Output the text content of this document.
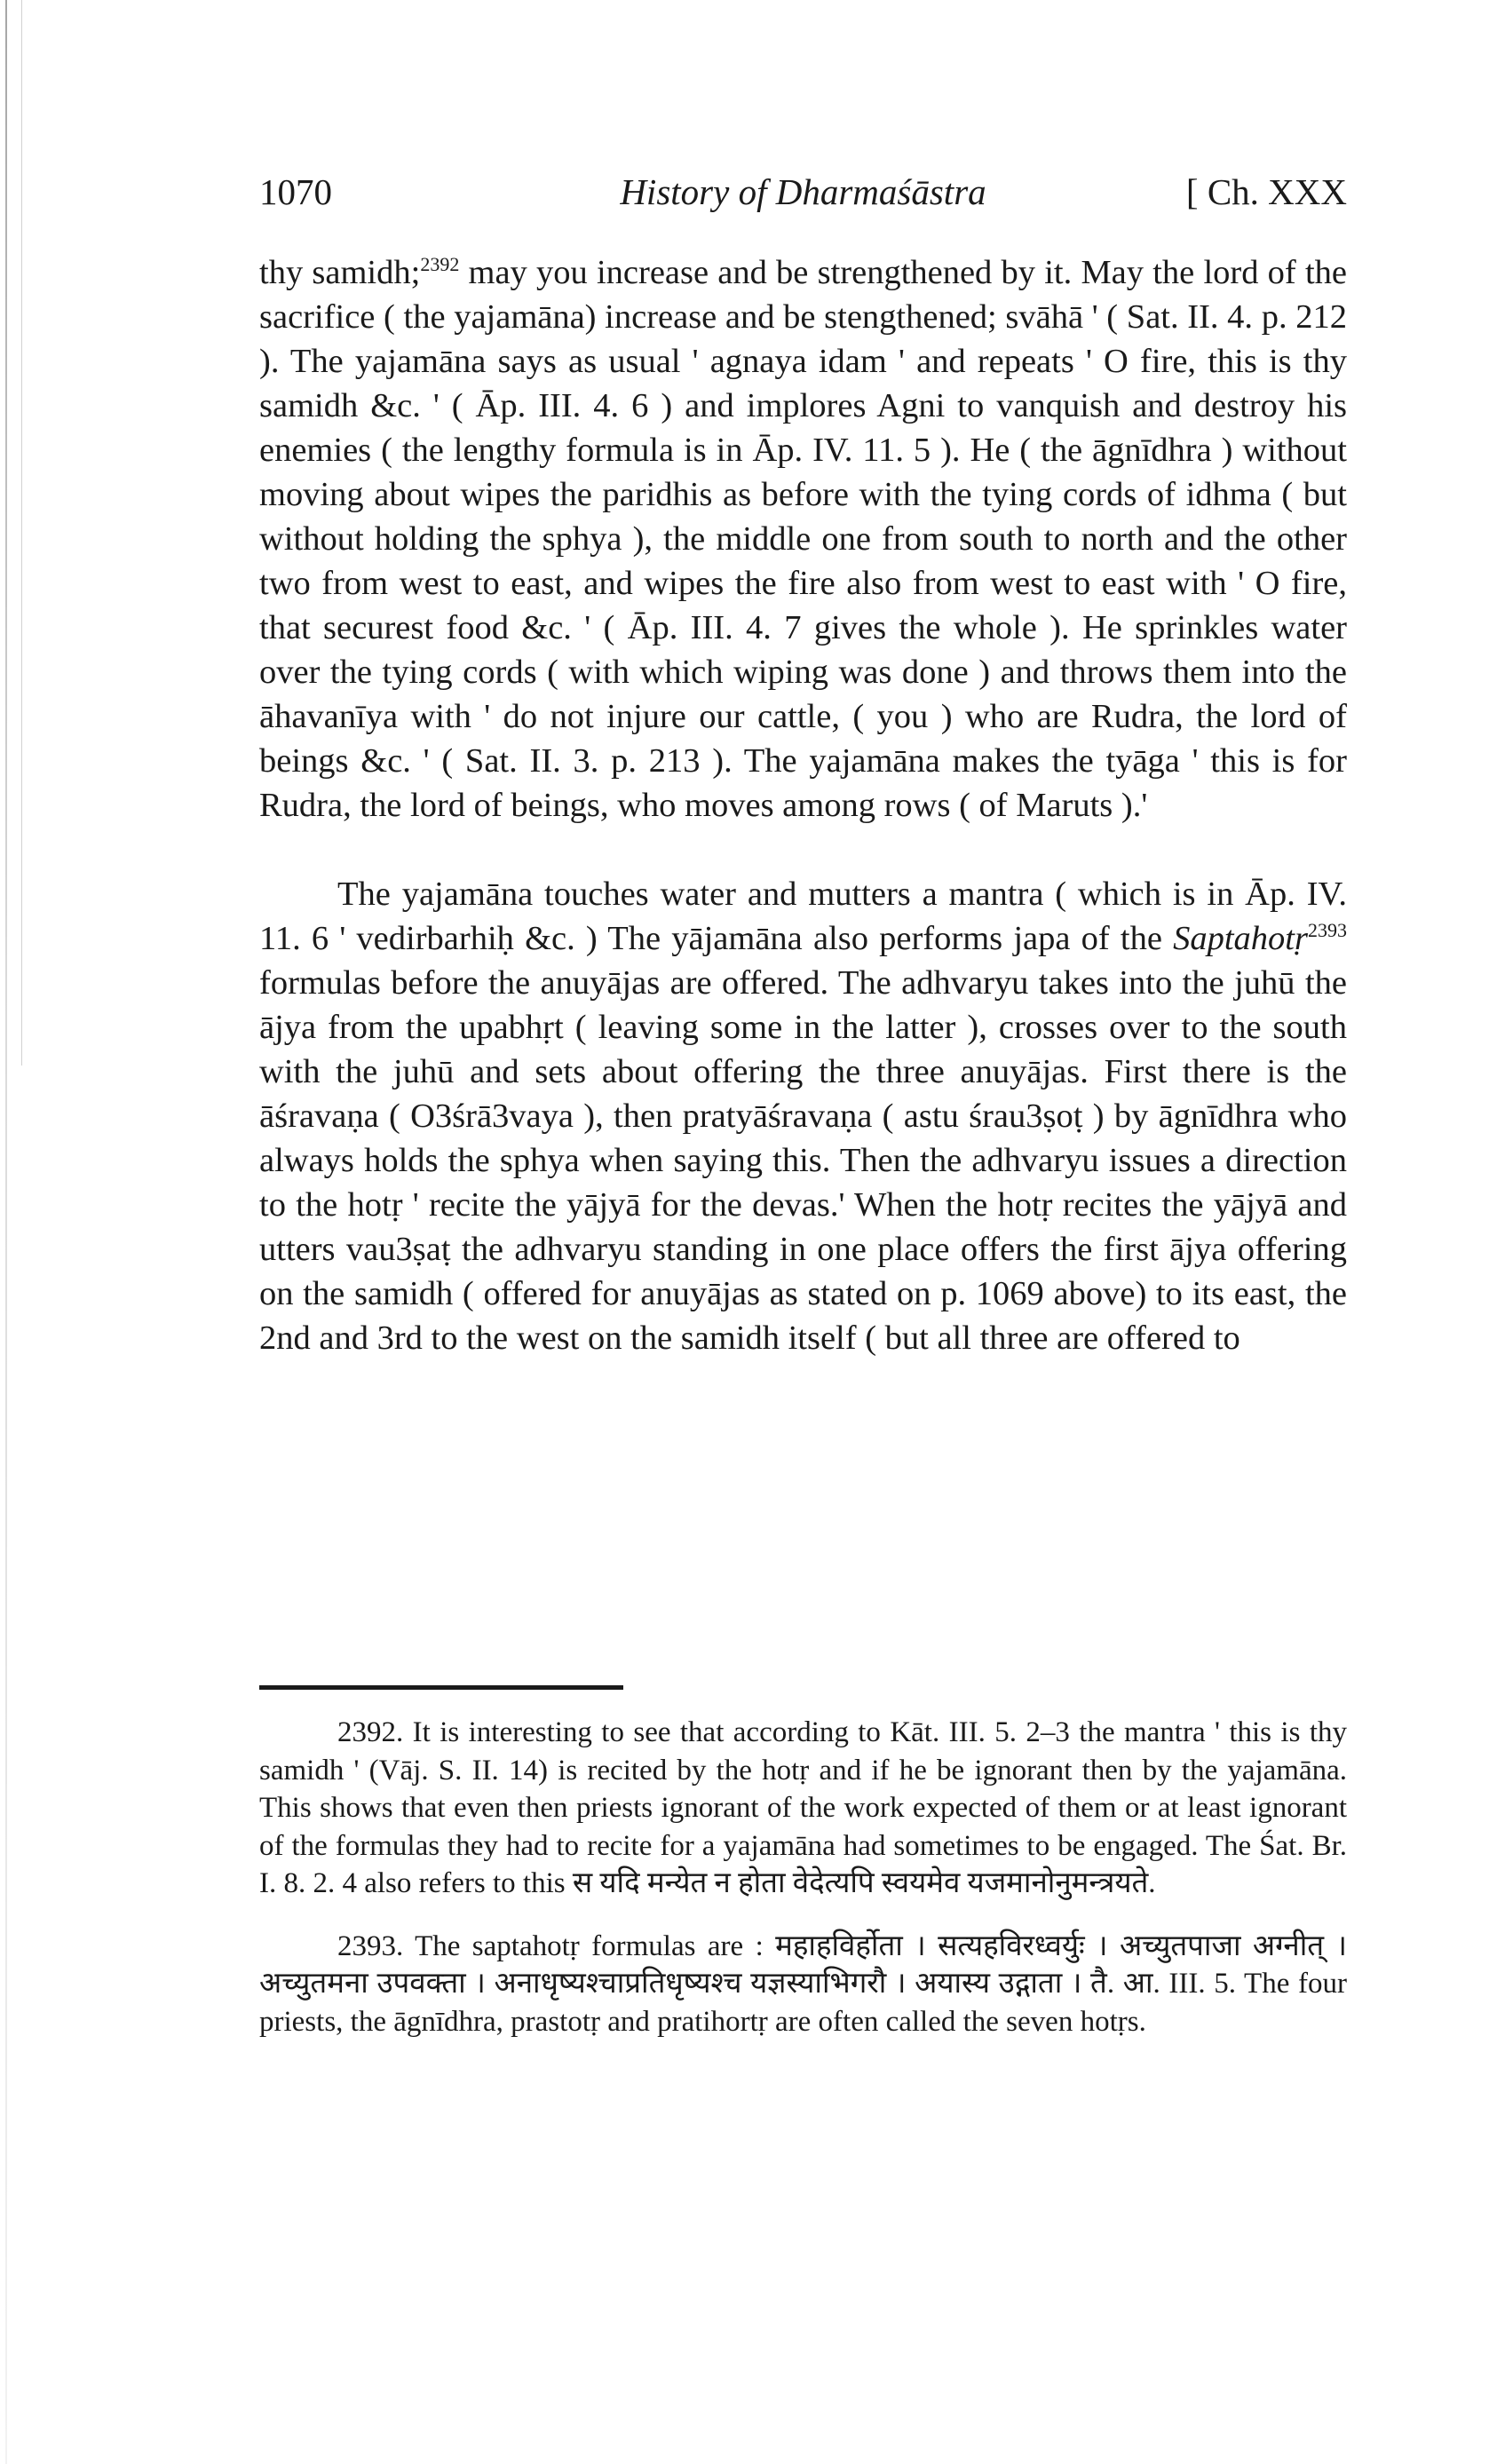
1070	History of Dharmaśāstra	[ Ch. XXX

thy samidh;$^{2392}$ may you increase and be strengthened by it. May the lord of the sacrifice ( the yajamāna) increase and be stengthened; svāhā ' ( Sat. II. 4. p. 212 ). The yajamāna says as usual ' agnaya idam ' and repeats ' O fire, this is thy samidh &c. ' ( Āp. III. 4. 6 ) and implores Agni to vanquish and destroy his enemies ( the lengthy formula is in Āp. IV. 11. 5 ). He ( the āgnīdhra ) without moving about wipes the paridhis as before with the tying cords of idhma ( but without holding the sphya ), the middle one from south to north and the other two from west to east, and wipes the fire also from west to east with ' O fire, that securest food &c. ' ( Āp. III. 4. 7 gives the whole ). He sprinkles water over the tying cords ( with which wiping was done ) and throws them into the āhavanīya with ' do not injure our cattle, ( you ) who are Rudra, the lord of beings &c. ' ( Sat. II. 3. p. 213 ). The yajamāna makes the tyāga ' this is for Rudra, the lord of beings, who moves among rows ( of Maruts ).'

The yajamāna touches water and mutters a mantra ( which is in Āp. IV. 11. 6 ' vedirbarhiḥ &c. ) The yājamāna also performs japa of the Saptahotṛ$^{2393}$ formulas before the anuyājas are offered. The adhvaryu takes into the juhū the ājya from the upabhṛt ( leaving some in the latter ), crosses over to the south with the juhū and sets about offering the three anuyājas. First there is the āśravaṇa ( O3śrā3vaya ), then pratyāśravaṇa ( astu śrau3ṣoṭ ) by āgnīdhra who always holds the sphya when saying this. Then the adhvaryu issues a direction to the hotṛ ' recite the yājyā for the devas.' When the hotṛ recites the yājyā and utters vau3ṣaṭ the adhvaryu standing in one place offers the first ājya offering on the samidh ( offered for anuyājas as stated on p. 1069 above) to its east, the 2nd and 3rd to the west on the samidh itself ( but all three are offered to

2392. It is interesting to see that according to Kāt. III. 5. 2–3 the mantra ' this is thy samidh ' (Vāj. S. II. 14) is recited by the hotṛ and if he be ignorant then by the yajamāna. This shows that even then priests ignorant of the work expected of them or at least ignorant of the formulas they had to recite for a yajamāna had sometimes to be engaged. The Śat. Br. I. 8. 2. 4 also refers to this स यदि मन्येत न होता वेदेत्यपि स्वयमेव यजमानोनुमन्त्रयते.

2393. The saptahotṛ formulas are : महाहविर्होता । सत्यहविरध्वर्युः । अच्युतपाजा अग्नीत् । अच्युतमना उपवक्ता । अनाधृष्यश्चाप्रतिधृष्यश्च यज्ञस्याभिगरौ । अयास्य उद्गाता । तै. आ. III. 5. The four priests, the āgnīdhra, prastotṛ and pratihortṛ are often called the seven hotṛs.
